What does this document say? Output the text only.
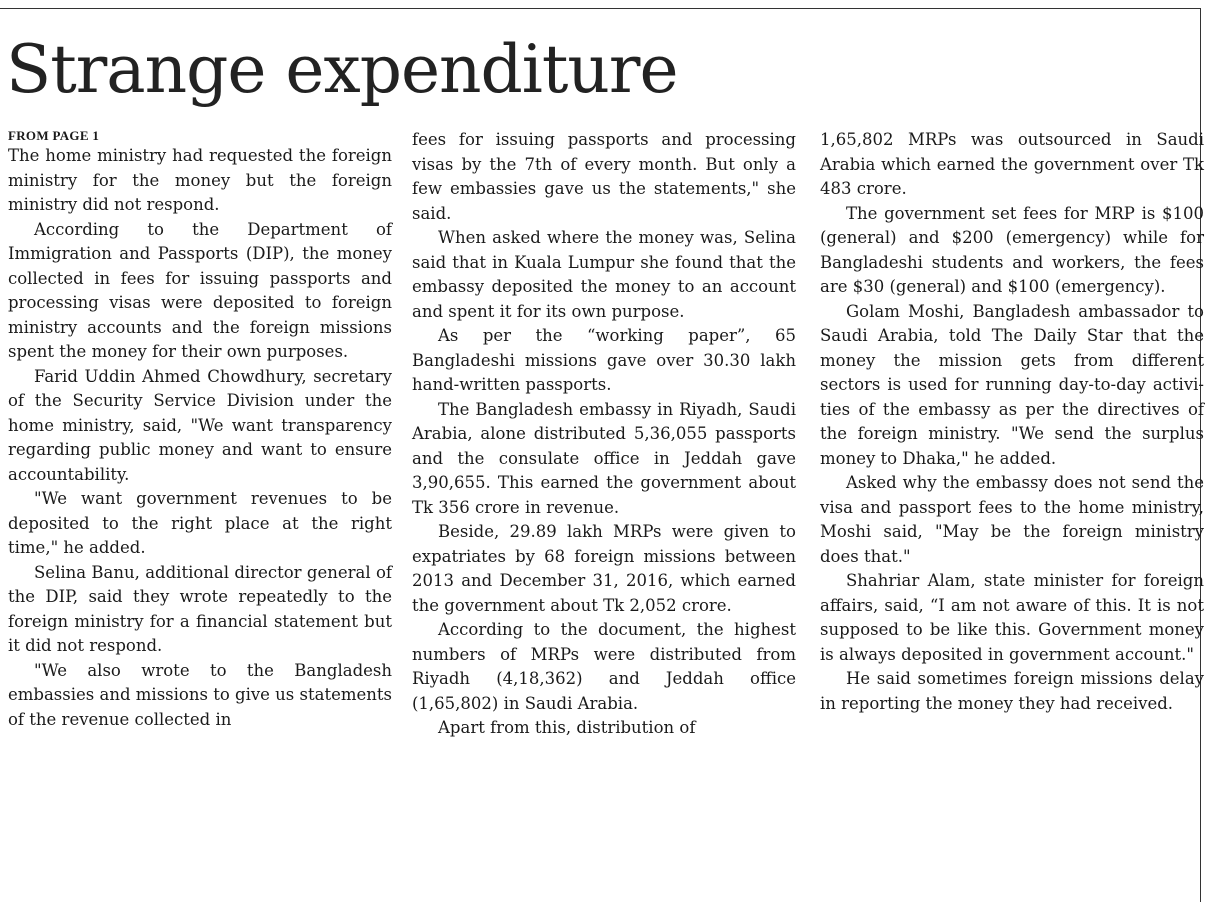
Strange expenditure
FROM PAGE 1

The home ministry had requested the foreign ministry for the money but the foreign ministry did not respond.

According to the Department of Immigration and Passports (DIP), the money collected in fees for issuing passports and processing visas were deposited to foreign ministry accounts and the foreign missions spent the money for their own purposes.

Farid Uddin Ahmed Chowdhury, secretary of the Security Service Division under the home ministry, said, "We want transparency regarding public money and want to ensure accountability.

"We want government revenues to be deposited to the right place at the right time," he added.

Selina Banu, additional director general of the DIP, said they wrote repeatedly to the foreign ministry for a financial statement but it did not respond.

"We also wrote to the Bangladesh embassies and missions to give us statements of the revenue collected in

fees for issuing passports and processing visas by the 7th of every month. But only a few embassies gave us the statements," she said.

When asked where the money was, Selina said that in Kuala Lumpur she found that the embassy deposited the money to an account and spent it for its own purpose.

As per the “working paper”, 65 Bangladeshi missions gave over 30.30 lakh hand-written passports.

The Bangladesh embassy in Riyadh, Saudi Arabia, alone distributed 5,36,055 passports and the consulate office in Jeddah gave 3,90,655. This earned the government about Tk 356 crore in revenue.

Beside, 29.89 lakh MRPs were given to expatriates by 68 foreign missions between 2013 and December 31, 2016, which earned the government about Tk 2,052 crore.

According to the document, the highest numbers of MRPs were distributed from Riyadh (4,18,362) and Jeddah office (1,65,802) in Saudi Arabia.

Apart from this, distribution of

1,65,802 MRPs was outsourced in Saudi Arabia which earned the government over Tk 483 crore.

The government set fees for MRP is $100 (general) and $200 (emergency) while for Bangladeshi students and workers, the fees are $30 (general) and $100 (emergency).

Golam Moshi, Bangladesh ambassador to Saudi Arabia, told The Daily Star that the money the mission gets from different sectors is used for running day-to-day activities of the embassy as per the directives of the foreign ministry. "We send the surplus money to Dhaka," he added.

Asked why the embassy does not send the visa and passport fees to the home ministry, Moshi said, "May be the foreign ministry does that."

Shahriar Alam, state minister for foreign affairs, said, “I am not aware of this. It is not supposed to be like this. Government money is always deposited in government account."

He said sometimes foreign missions delay in reporting the money they had received.
